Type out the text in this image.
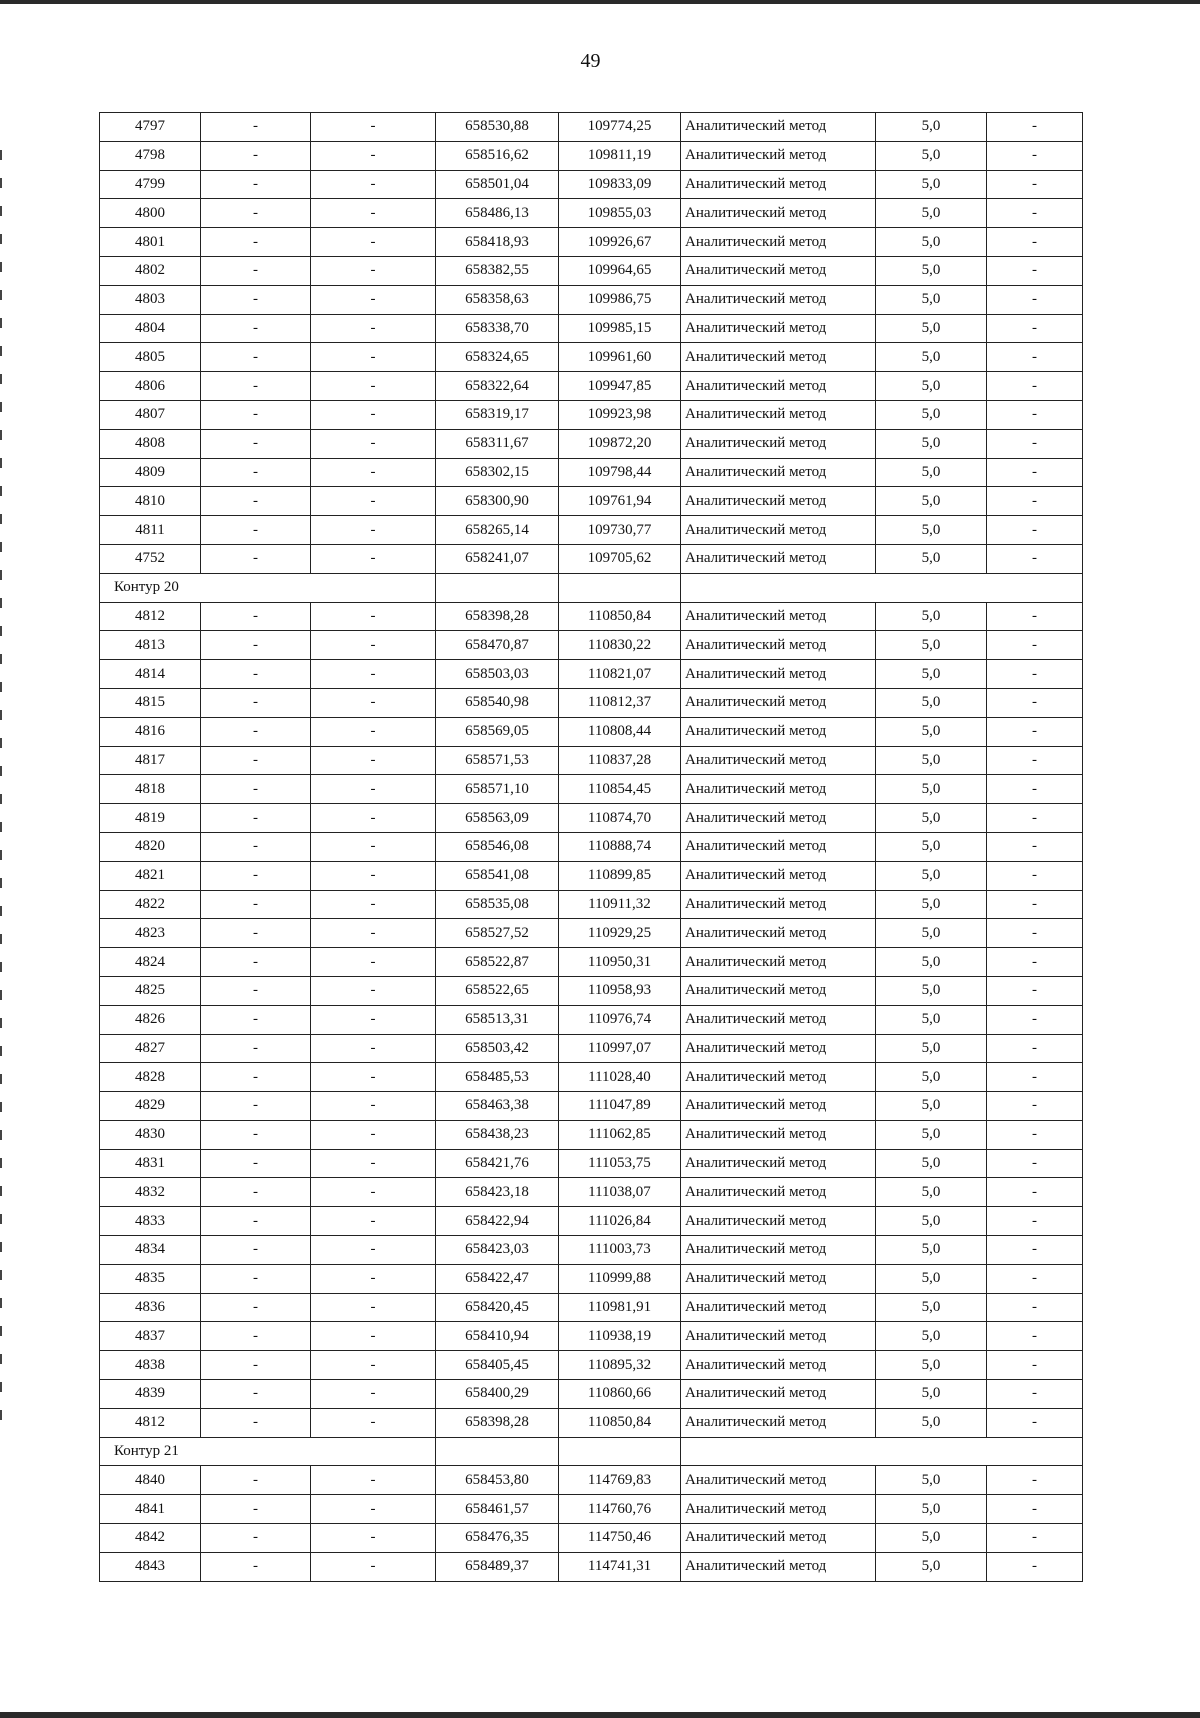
49
4797	-	-	658530,88	109774,25	Аналитический метод	5,0	-
4798	-	-	658516,62	109811,19	Аналитический метод	5,0	-
4799	-	-	658501,04	109833,09	Аналитический метод	5,0	-
4800	-	-	658486,13	109855,03	Аналитический метод	5,0	-
4801	-	-	658418,93	109926,67	Аналитический метод	5,0	-
4802	-	-	658382,55	109964,65	Аналитический метод	5,0	-
4803	-	-	658358,63	109986,75	Аналитический метод	5,0	-
4804	-	-	658338,70	109985,15	Аналитический метод	5,0	-
4805	-	-	658324,65	109961,60	Аналитический метод	5,0	-
4806	-	-	658322,64	109947,85	Аналитический метод	5,0	-
4807	-	-	658319,17	109923,98	Аналитический метод	5,0	-
4808	-	-	658311,67	109872,20	Аналитический метод	5,0	-
4809	-	-	658302,15	109798,44	Аналитический метод	5,0	-
4810	-	-	658300,90	109761,94	Аналитический метод	5,0	-
4811	-	-	658265,14	109730,77	Аналитический метод	5,0	-
4752	-	-	658241,07	109705,62	Аналитический метод	5,0	-
Контур 20							
4812	-	-	658398,28	110850,84	Аналитический метод	5,0	-
4813	-	-	658470,87	110830,22	Аналитический метод	5,0	-
4814	-	-	658503,03	110821,07	Аналитический метод	5,0	-
4815	-	-	658540,98	110812,37	Аналитический метод	5,0	-
4816	-	-	658569,05	110808,44	Аналитический метод	5,0	-
4817	-	-	658571,53	110837,28	Аналитический метод	5,0	-
4818	-	-	658571,10	110854,45	Аналитический метод	5,0	-
4819	-	-	658563,09	110874,70	Аналитический метод	5,0	-
4820	-	-	658546,08	110888,74	Аналитический метод	5,0	-
4821	-	-	658541,08	110899,85	Аналитический метод	5,0	-
4822	-	-	658535,08	110911,32	Аналитический метод	5,0	-
4823	-	-	658527,52	110929,25	Аналитический метод	5,0	-
4824	-	-	658522,87	110950,31	Аналитический метод	5,0	-
4825	-	-	658522,65	110958,93	Аналитический метод	5,0	-
4826	-	-	658513,31	110976,74	Аналитический метод	5,0	-
4827	-	-	658503,42	110997,07	Аналитический метод	5,0	-
4828	-	-	658485,53	111028,40	Аналитический метод	5,0	-
4829	-	-	658463,38	111047,89	Аналитический метод	5,0	-
4830	-	-	658438,23	111062,85	Аналитический метод	5,0	-
4831	-	-	658421,76	111053,75	Аналитический метод	5,0	-
4832	-	-	658423,18	111038,07	Аналитический метод	5,0	-
4833	-	-	658422,94	111026,84	Аналитический метод	5,0	-
4834	-	-	658423,03	111003,73	Аналитический метод	5,0	-
4835	-	-	658422,47	110999,88	Аналитический метод	5,0	-
4836	-	-	658420,45	110981,91	Аналитический метод	5,0	-
4837	-	-	658410,94	110938,19	Аналитический метод	5,0	-
4838	-	-	658405,45	110895,32	Аналитический метод	5,0	-
4839	-	-	658400,29	110860,66	Аналитический метод	5,0	-
4812	-	-	658398,28	110850,84	Аналитический метод	5,0	-
Контур 21							
4840	-	-	658453,80	114769,83	Аналитический метод	5,0	-
4841	-	-	658461,57	114760,76	Аналитический метод	5,0	-
4842	-	-	658476,35	114750,46	Аналитический метод	5,0	-
4843	-	-	658489,37	114741,31	Аналитический метод	5,0	-
